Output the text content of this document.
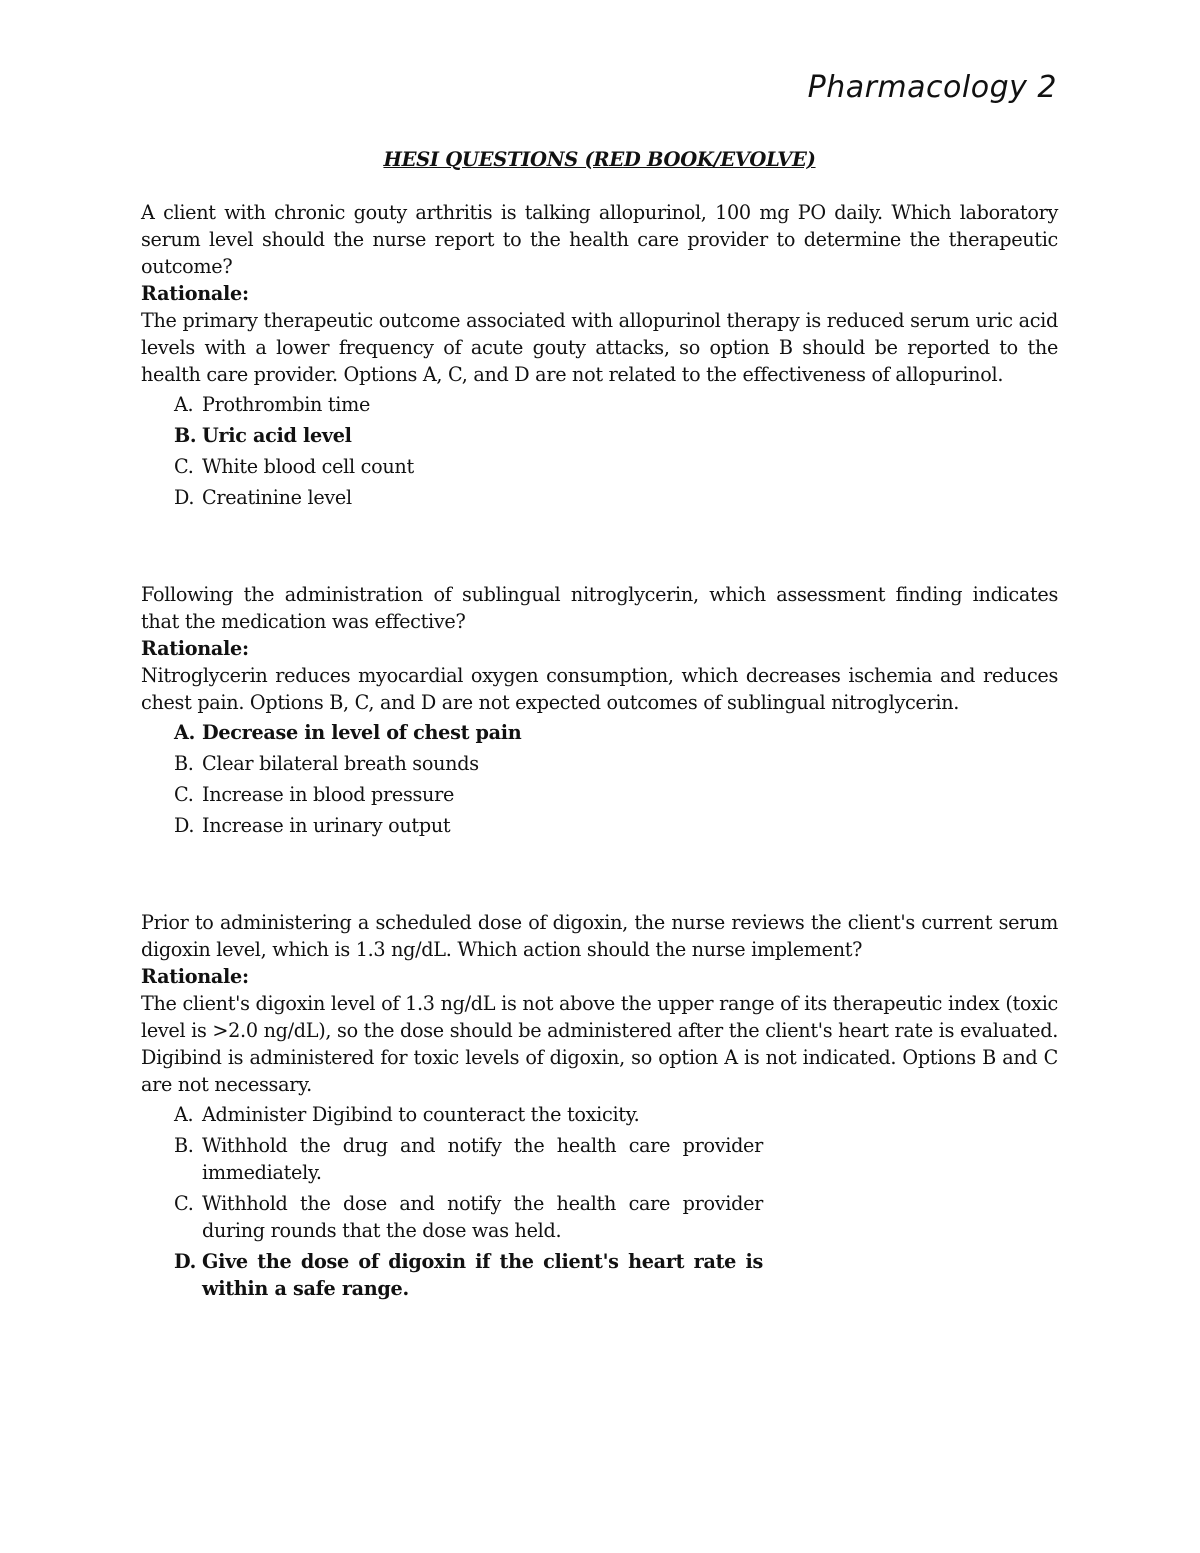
Pharmacology 2
HESI QUESTIONS (RED BOOK/EVOLVE)

A client with chronic gouty arthritis is talking allopurinol, 100 mg PO daily. Which laboratory serum level should the nurse report to the health care provider to determine the therapeutic outcome?

Rationale:

The primary therapeutic outcome associated with allopurinol therapy is reduced serum uric acid levels with a lower frequency of acute gouty attacks, so option B should be reported to the health care provider. Options A, C, and D are not related to the effectiveness of allopurinol.

A. Prothrombin time
B. Uric acid level
C. White blood cell count
D. Creatinine level

Following the administration of sublingual nitroglycerin, which assessment finding indicates that the medication was effective?

Rationale:

Nitroglycerin reduces myocardial oxygen consumption, which decreases ischemia and reduces chest pain. Options B, C, and D are not expected outcomes of sublingual nitroglycerin.

A. Decrease in level of chest pain
B. Clear bilateral breath sounds
C. Increase in blood pressure
D. Increase in urinary output

Prior to administering a scheduled dose of digoxin, the nurse reviews the client's current serum digoxin level, which is 1.3 ng/dL. Which action should the nurse implement?

Rationale:

The client's digoxin level of 1.3 ng/dL is not above the upper range of its therapeutic index (toxic level is >2.0 ng/dL), so the dose should be administered after the client's heart rate is evaluated. Digibind is administered for toxic levels of digoxin, so option A is not indicated. Options B and C are not necessary.

A. Administer Digibind to counteract the toxicity.
B. Withhold the drug and notify the health care provider immediately.
C. Withhold the dose and notify the health care provider during rounds that the dose was held.
D. Give the dose of digoxin if the client's heart rate is within a safe range.
